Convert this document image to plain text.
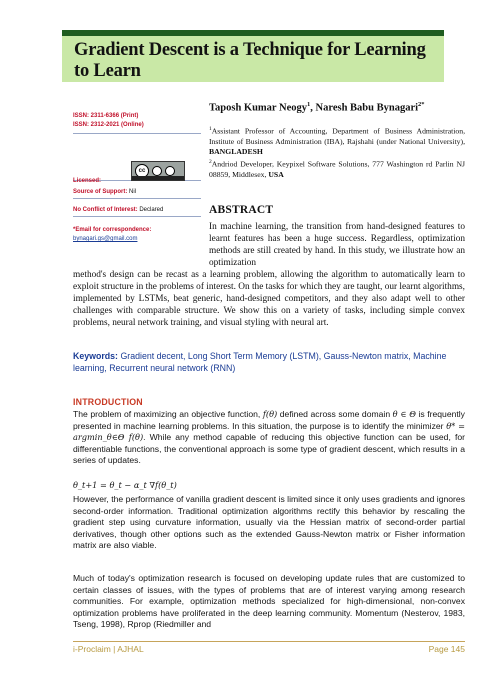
Gradient Descent is a Technique for Learning
to Learn
ISSN: 2311-6366 (Print)
ISSN: 2312-2021 (Online)
cc
Licensed:
Source of Support: Nil
No Conflict of Interest: Declared
*Email for correspondence:
bynagari.gs@gmail.com
Taposh Kumar Neogy$^1$, Naresh Babu Bynagari$^{2*}$
$^1$Assistant Professor of Accounting, Department of Business Administration, Institute of Business Administration (IBA), Rajshahi (under National University), BANGLADESH
$^2$Andriod Developer, Keypixel Software Solutions, 777 Washington rd Parlin NJ 08859, Middlesex, USA
ABSTRACT
In machine learning, the transition from hand-designed features to learnt features has been a huge success. Regardless, optimization methods are still created by hand. In this study, we illustrate how an optimization
method's design can be recast as a learning problem, allowing the algorithm to automatically learn to exploit structure in the problems of interest. On the tasks for which they are taught, our learnt algorithms, implemented by LSTMs, beat generic, hand-designed competitors, and they also adapt well to other challenges with comparable structure. We show this on a variety of tasks, including simple convex problems, neural network training, and visual styling with neural art.
Keywords: Gradient decent, Long Short Term Memory (LSTM), Gauss-Newton matrix, Machine learning, Recurrent neural network (RNN)
INTRODUCTION
The problem of maximizing an objective function, f(θ) defined across some domain θ ∈ Θ is frequently presented in machine learning problems. In this situation, the purpose is to identify the minimizer θ* = argmin_θ∈Θ f(θ). While any method capable of reducing this objective function can be used, for differentiable functions, the conventional approach is some type of gradient descent, which results in a series of updates.
θ_t+1 = θ_t − α_t ∇f(θ_t)
However, the performance of vanilla gradient descent is limited since it only uses gradients and ignores second-order information. Traditional optimization algorithms rectify this behavior by rescaling the gradient step using curvature information, usually via the Hessian matrix of second-order partial derivatives, though other options such as the extended Gauss-Newton matrix or Fisher information matrix are also viable.
Much of today's optimization research is focused on developing update rules that are customized to certain classes of issues, with the types of problems that are of interest varying among research communities. For example, optimization methods specialized for high-dimensional, non-convex optimization problems have proliferated in the deep learning community. Momentum (Nesterov, 1983, Tseng, 1998), Rprop (Riedmiller and
i-Proclaim | AJHAL	Page 145
